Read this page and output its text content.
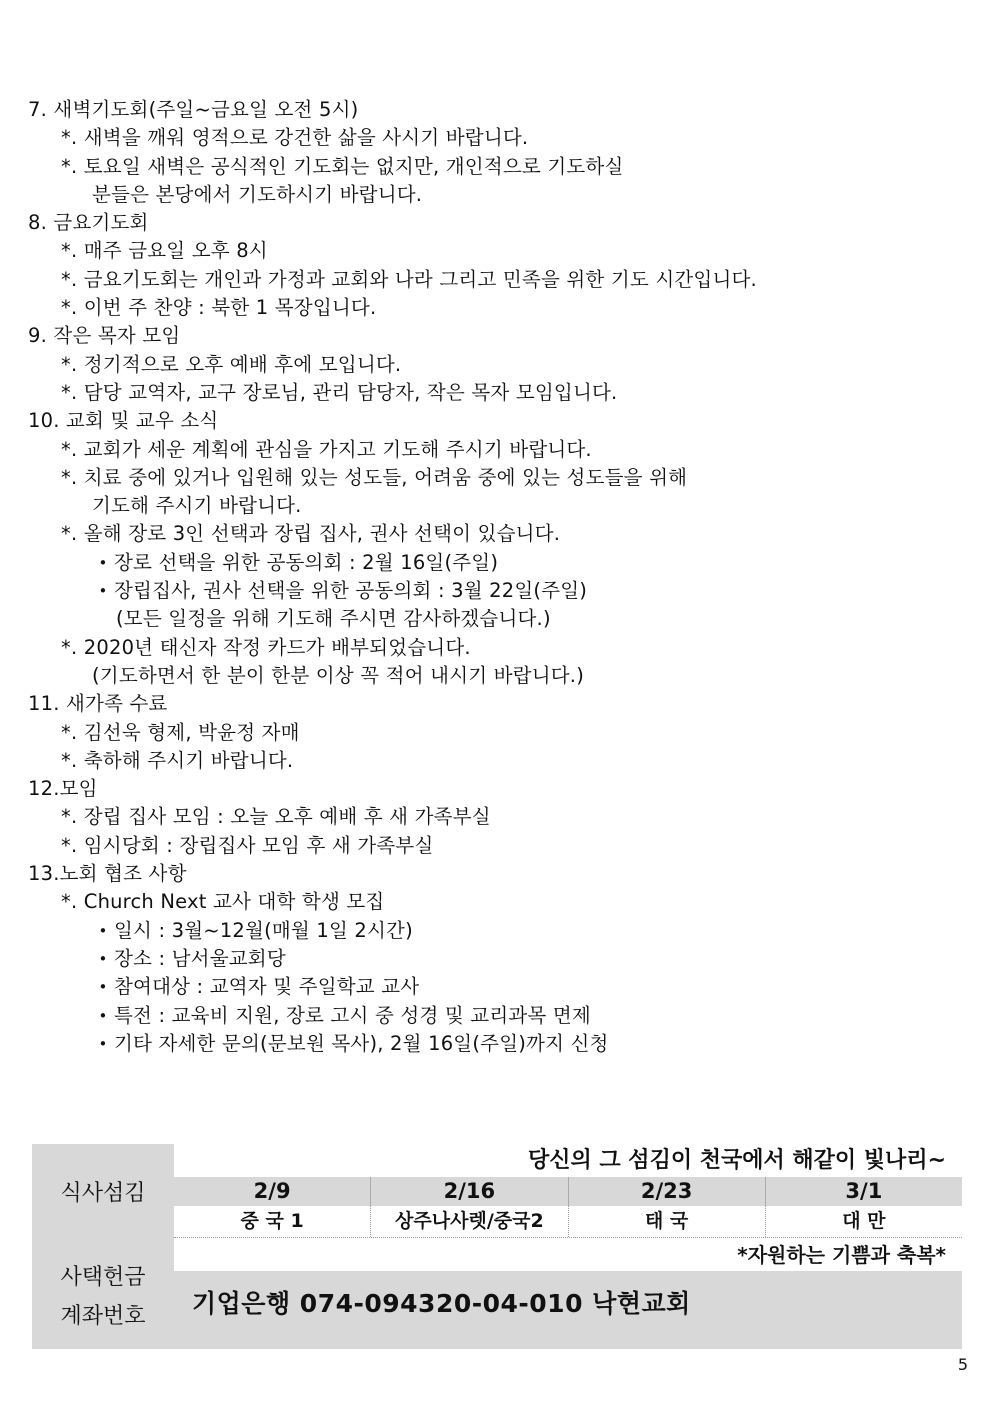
7. 새벽기도회(주일~금요일 오전 5시)
*. 새벽을 깨워 영적으로 강건한 삶을 사시기 바랍니다.
*. 토요일 새벽은 공식적인 기도회는 없지만, 개인적으로 기도하실
분들은 본당에서 기도하시기 바랍니다.
8. 금요기도회
*. 매주 금요일 오후 8시
*. 금요기도회는 개인과 가정과 교회와 나라 그리고 민족을 위한 기도 시간입니다.
*. 이번 주 찬양 : 북한 1 목장입니다.
9. 작은 목자 모임
*. 정기적으로 오후 예배 후에 모입니다.
*. 담당 교역자, 교구 장로님, 관리 담당자, 작은 목자 모임입니다.
10. 교회 및 교우 소식
*. 교회가 세운 계획에 관심을 가지고 기도해 주시기 바랍니다.
*. 치료 중에 있거나 입원해 있는 성도들, 어려움 중에 있는 성도들을 위해
기도해 주시기 바랍니다.
*. 올해 장로 3인 선택과 장립 집사, 권사 선택이 있습니다.
• 장로 선택을 위한 공동의회 : 2월 16일(주일)
• 장립집사, 권사 선택을 위한 공동의회 : 3월 22일(주일)
(모든 일정을 위해 기도해 주시면 감사하겠습니다.)
*. 2020년 태신자 작정 카드가 배부되었습니다.
(기도하면서 한 분이 한분 이상 꼭 적어 내시기 바랍니다.)
11. 새가족 수료
*. 김선욱 형제, 박윤정 자매
*. 축하해 주시기 바랍니다.
12.모임
*. 장립 집사 모임 : 오늘 오후 예배 후 새 가족부실
*. 임시당회 : 장립집사 모임 후 새 가족부실
13.노회 협조 사항
*. Church Next 교사 대학 학생 모집
• 일시 : 3월~12월(매월 1일 2시간)
• 장소 : 남서울교회당
• 참여대상 : 교역자 및 주일학교 교사
• 특전 : 교육비 지원, 장로 고시 중 성경 및 교리과목 면제
• 기타 자세한 문의(문보원 목사), 2월 16일(주일)까지 신청
식사섬김
당신의 그 섬김이 천국에서 해같이 빛나리~
2/9	2/16	2/23	3/1
중 국 1	상주나사렛/중국2	태 국	대 만
*자원하는 기쁨과 축복*
사택헌금
계좌번호	기업은행 074-094320-04-010 낙현교회
5
